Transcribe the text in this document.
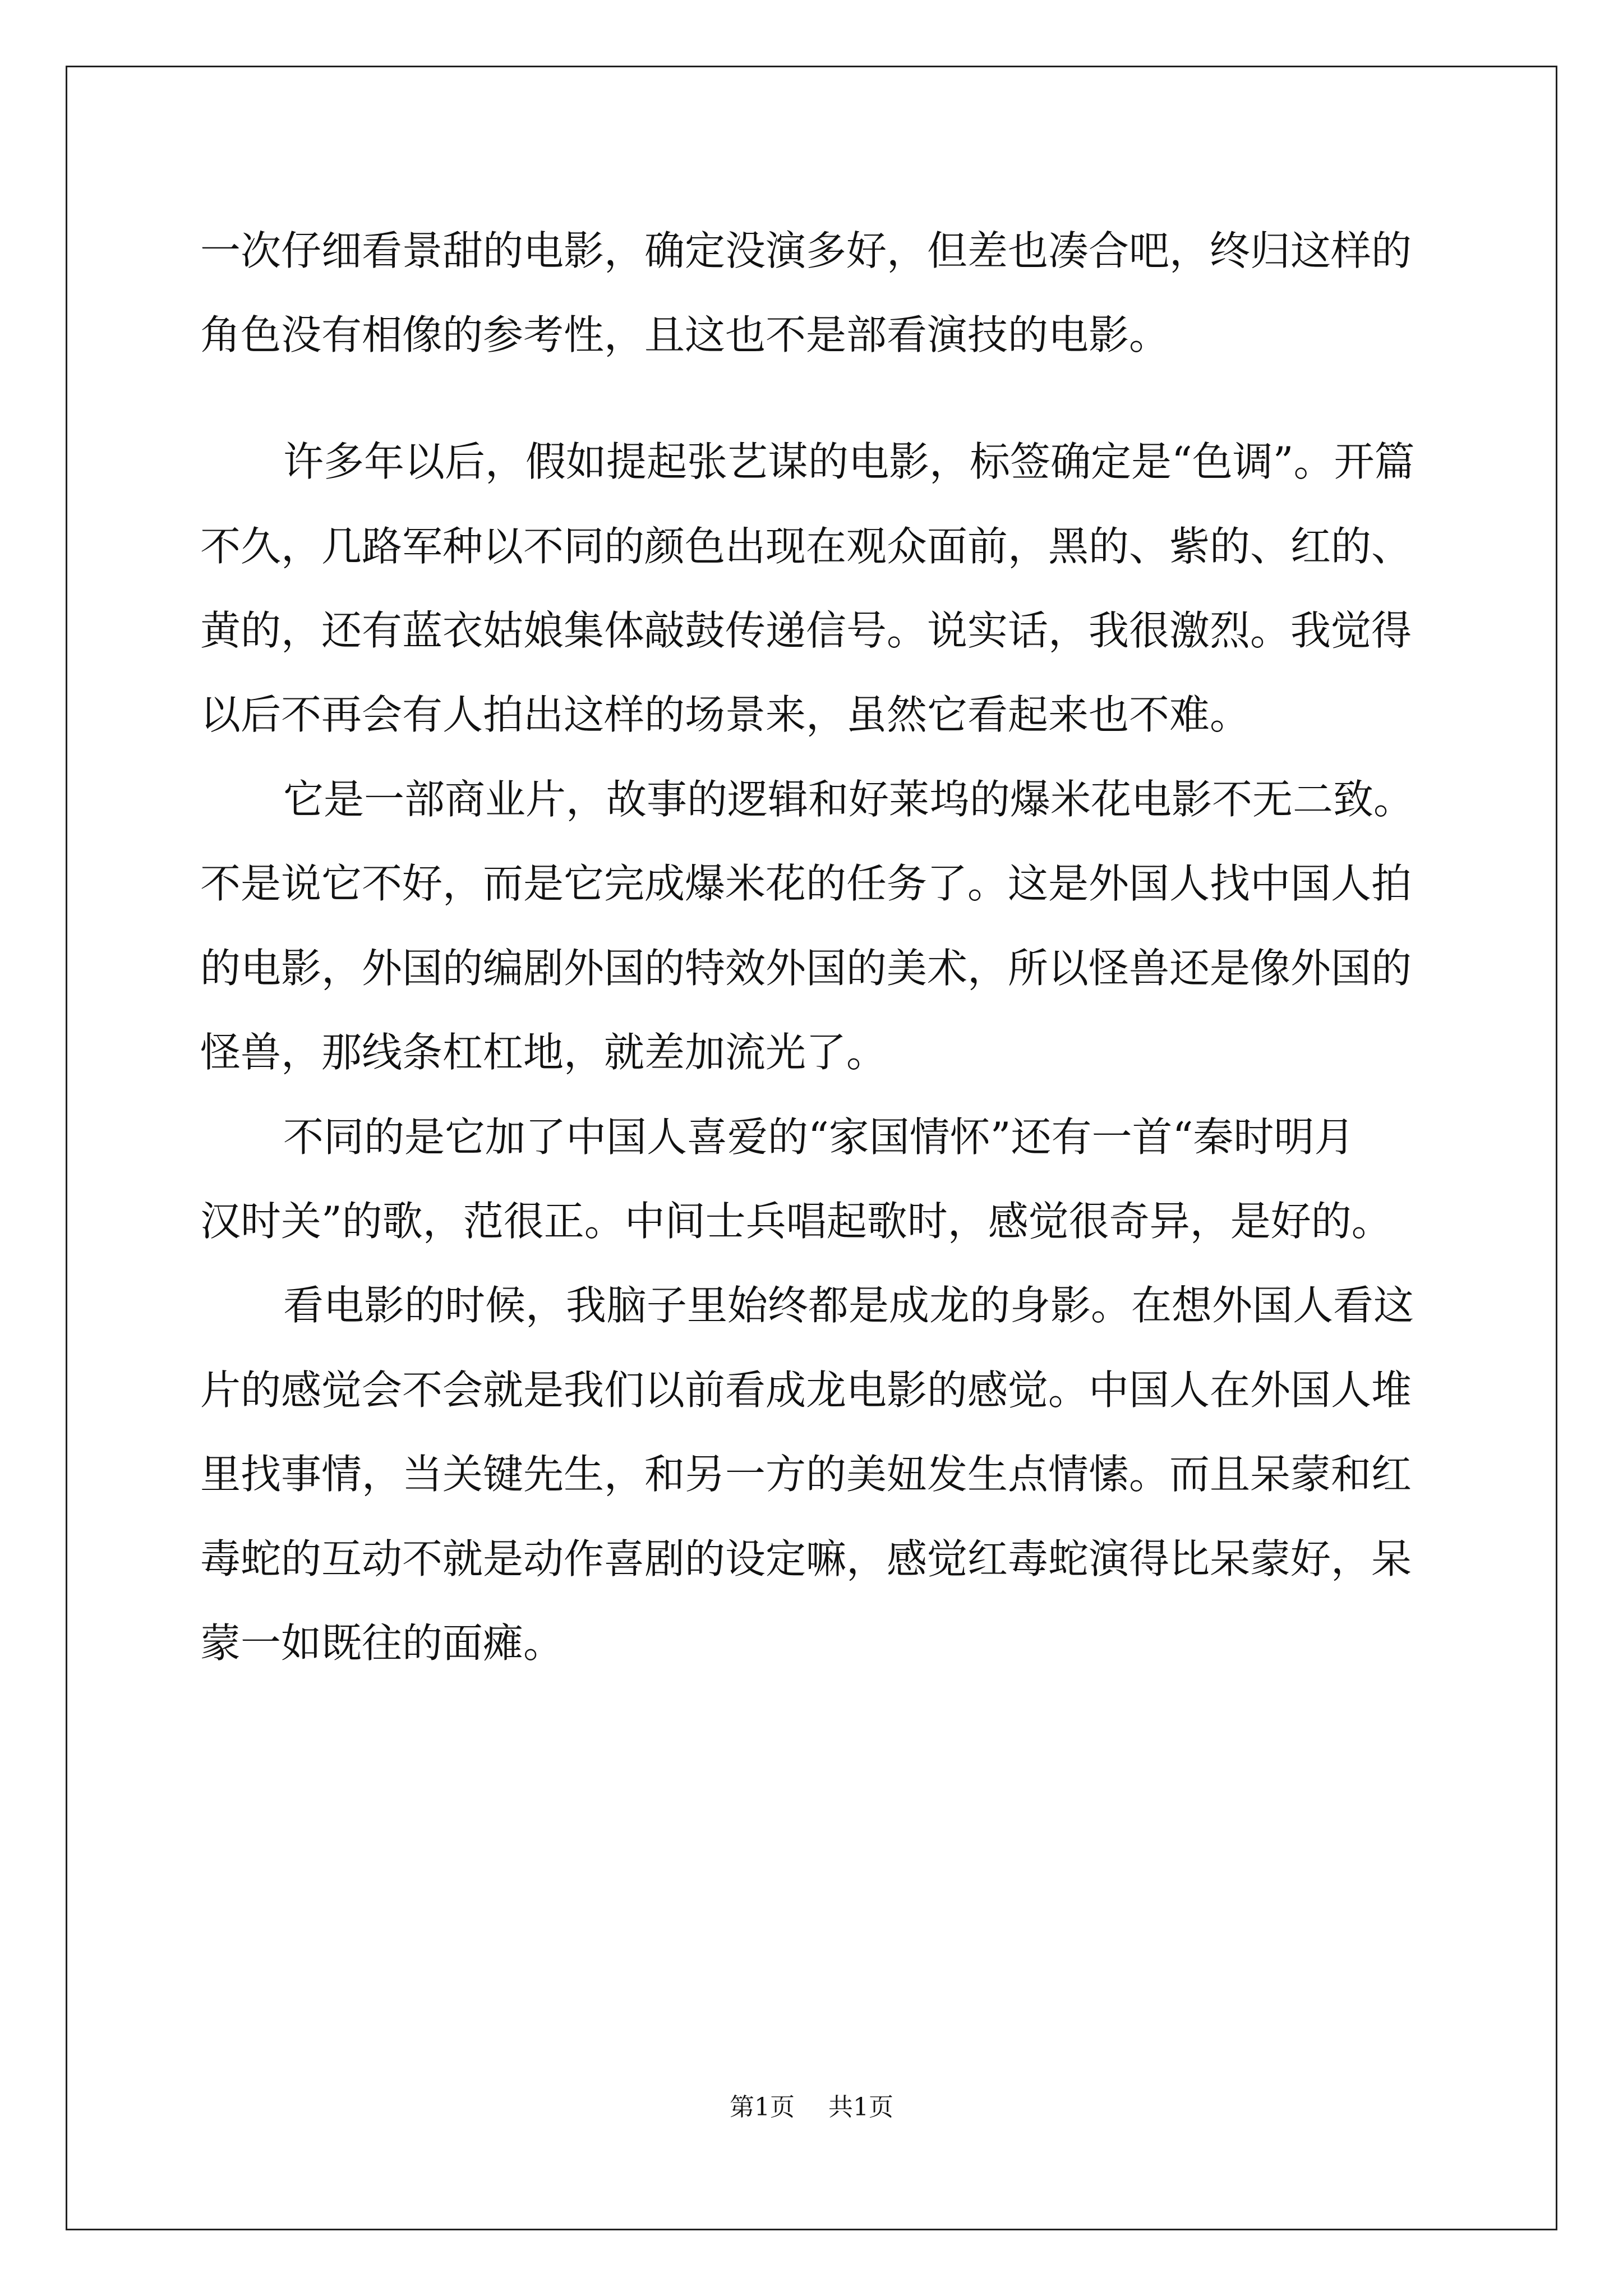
一次仔细看景甜的电影，确定没演多好，但差也凑合吧，终归这样的
角色没有相像的参考性，且这也不是部看演技的电影。
许多年以后，假如提起张艺谋的电影，标签确定是“色调”。开篇
不久，几路军种以不同的颜色出现在观众面前，黑的、紫的、红的、
黄的，还有蓝衣姑娘集体敲鼓传递信号。说实话，我很激烈。我觉得
以后不再会有人拍出这样的场景来，虽然它看起来也不难。
它是一部商业片，故事的逻辑和好莱坞的爆米花电影不无二致。
不是说它不好，而是它完成爆米花的任务了。这是外国人找中国人拍
的电影，外国的编剧外国的特效外国的美术，所以怪兽还是像外国的
怪兽，那线条杠杠地，就差加流光了。
不同的是它加了中国人喜爱的“家国情怀”还有一首“秦时明月
汉时关”的歌，范很正。中间士兵唱起歌时，感觉很奇异，是好的。
看电影的时候，我脑子里始终都是成龙的身影。在想外国人看这
片的感觉会不会就是我们以前看成龙电影的感觉。中国人在外国人堆
里找事情，当关键先生，和另一方的美妞发生点情愫。而且呆蒙和红
毒蛇的互动不就是动作喜剧的设定嘛，感觉红毒蛇演得比呆蒙好，呆
蒙一如既往的面瘫。
第1页 共1页
